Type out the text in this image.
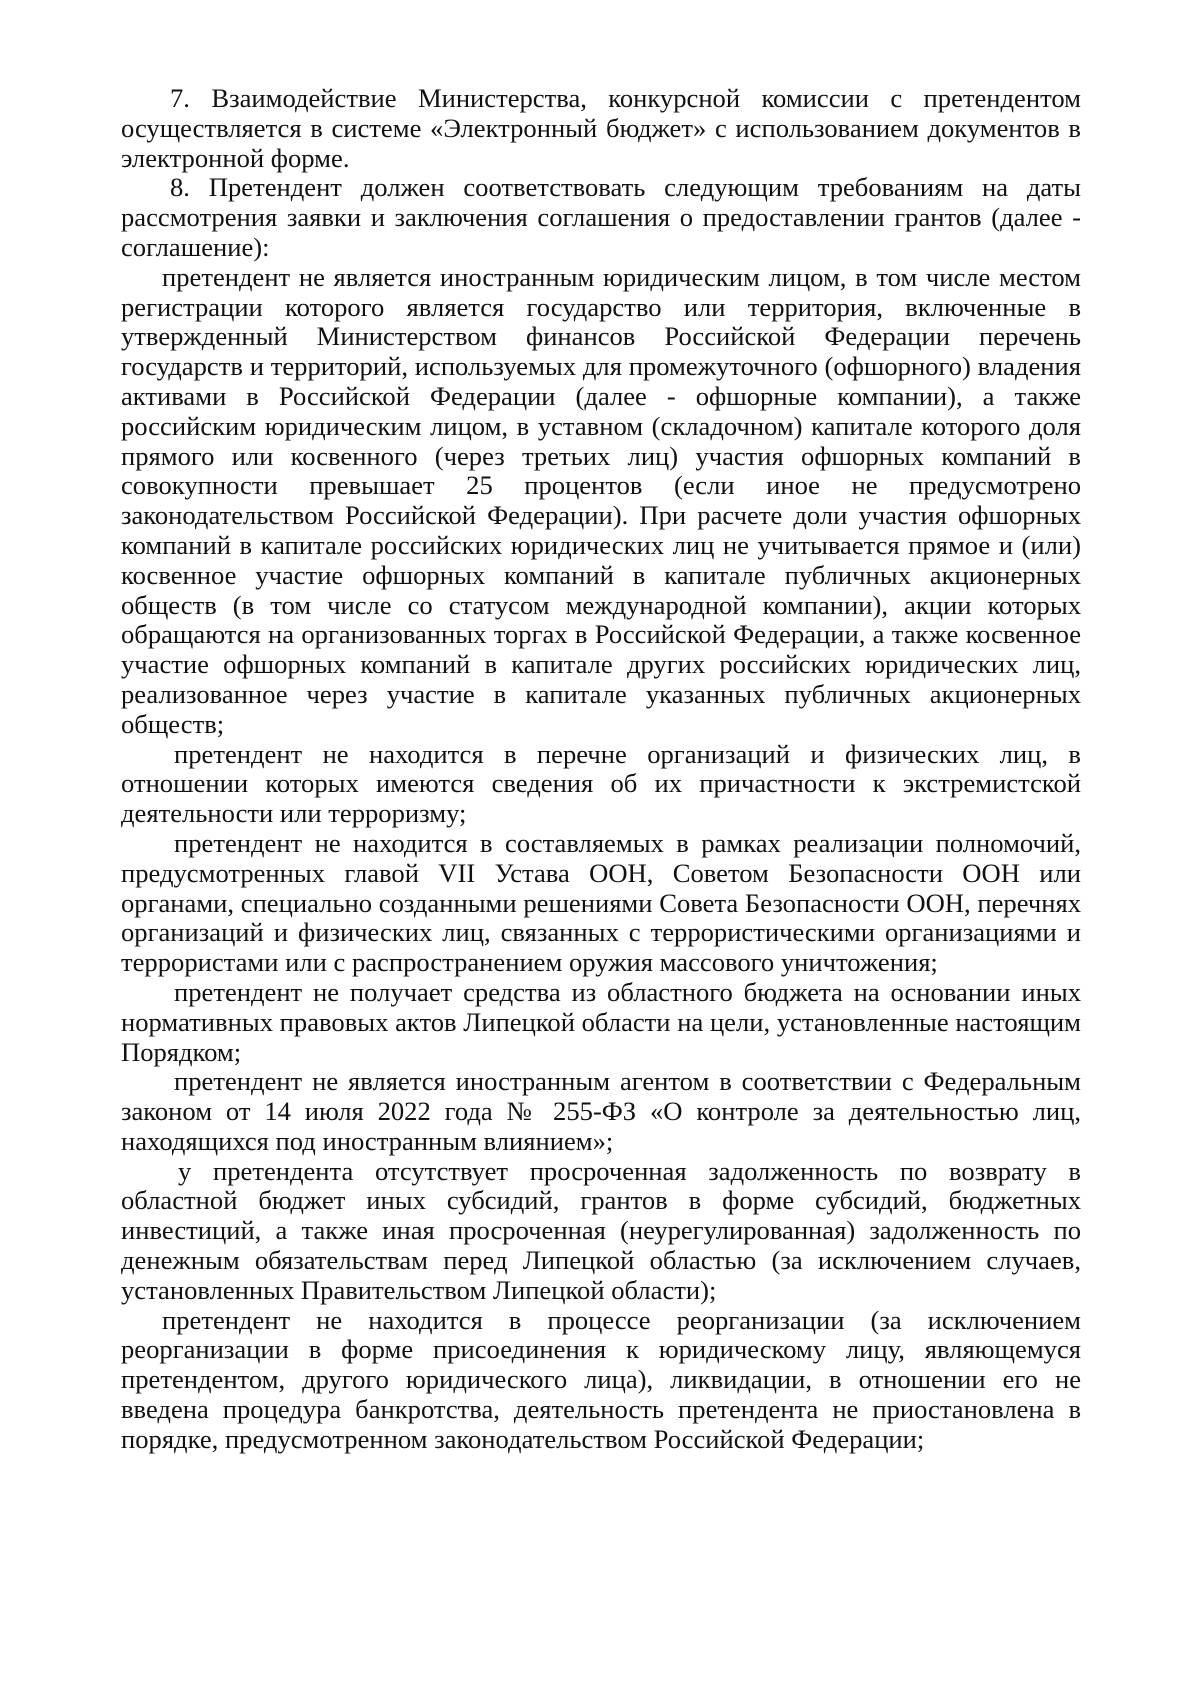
7. Взаимодействие Министерства, конкурсной комиссии с претендентом осуществляется в системе «Электронный бюджет» с использованием документов в электронной форме.

8. Претендент должен соответствовать следующим требованиям на даты рассмотрения заявки и заключения соглашения о предоставлении грантов (далее - соглашение):

претендент не является иностранным юридическим лицом, в том числе местом регистрации которого является государство или территория, включенные в утвержденный Министерством финансов Российской Федерации перечень государств и территорий, используемых для промежуточного (офшорного) владения активами в Российской Федерации (далее - офшорные компании), а также российским юридическим лицом, в уставном (складочном) капитале которого доля прямого или косвенного (через третьих лиц) участия офшорных компаний в совокупности превышает 25 процентов (если иное не предусмотрено законодательством Российской Федерации). При расчете доли участия офшорных компаний в капитале российских юридических лиц не учитывается прямое и (или) косвенное участие офшорных компаний в капитале публичных акционерных обществ (в том числе со статусом международной компании), акции которых обращаются на организованных торгах в Российской Федерации, а также косвенное участие офшорных компаний в капитале других российских юридических лиц, реализованное через участие в капитале указанных публичных акционерных обществ;

претендент не находится в перечне организаций и физических лиц, в отношении которых имеются сведения об их причастности к экстремистской деятельности или терроризму;

претендент не находится в составляемых в рамках реализации полномочий, предусмотренных главой VII Устава ООН, Советом Безопасности ООН или органами, специально созданными решениями Совета Безопасности ООН, перечнях организаций и физических лиц, связанных с террористическими организациями и террористами или с распространением оружия массового уничтожения;

претендент не получает средства из областного бюджета на основании иных нормативных правовых актов Липецкой области на цели, установленные настоящим Порядком;

претендент не является иностранным агентом в соответствии с Федеральным законом от 14 июля 2022 года № 255-ФЗ «О контроле за деятельностью лиц, находящихся под иностранным влиянием»;

у претендента отсутствует просроченная задолженность по возврату в областной бюджет иных субсидий, грантов в форме субсидий, бюджетных инвестиций, а также иная просроченная (неурегулированная) задолженность по денежным обязательствам перед Липецкой областью (за исключением случаев, установленных Правительством Липецкой области);

претендент не находится в процессе реорганизации (за исключением реорганизации в форме присоединения к юридическому лицу, являющемуся претендентом, другого юридического лица), ликвидации, в отношении его не введена процедура банкротства, деятельность претендента не приостановлена в порядке, предусмотренном законодательством Российской Федерации;
